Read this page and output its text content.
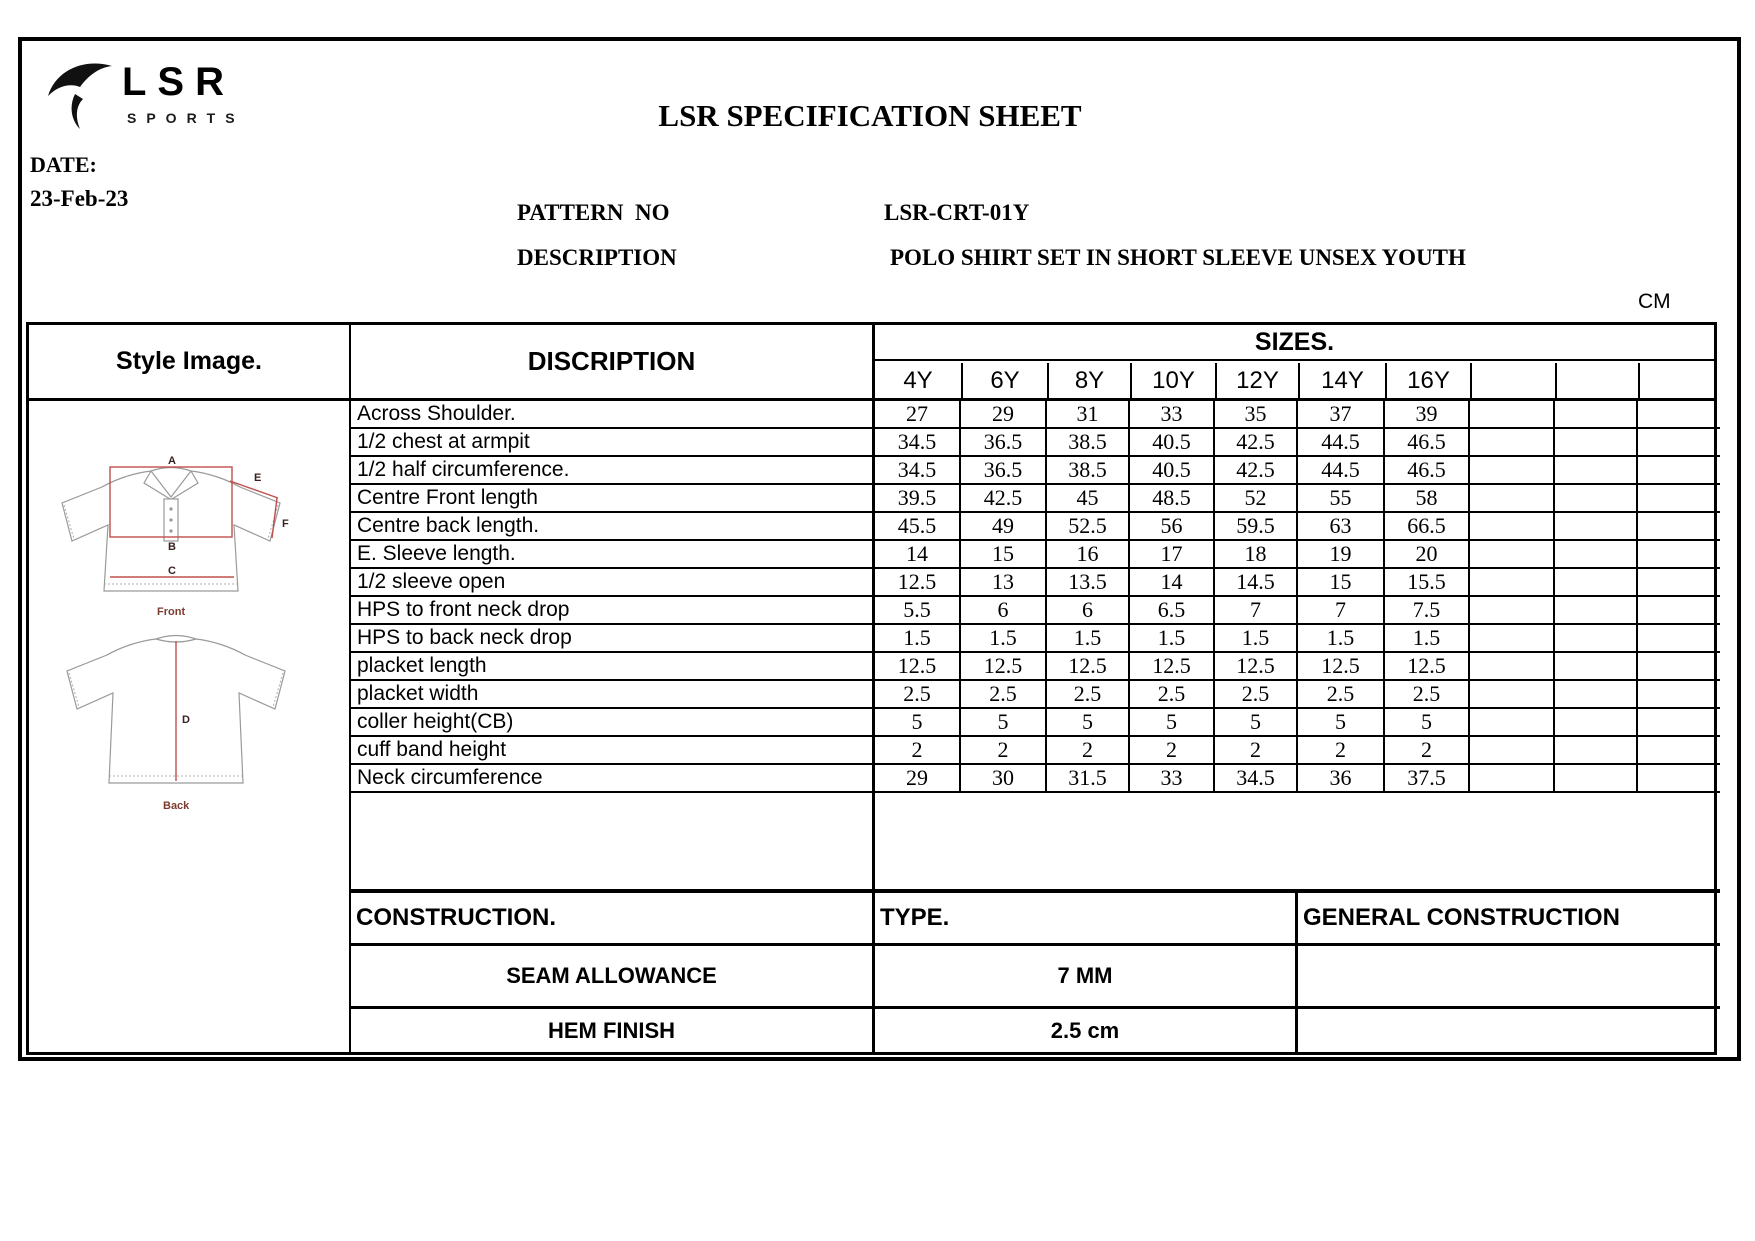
LSR
SPORTS	LSR SPECIFICATION SHEET
DATE:
23-Feb-23
PATTERN  NO	LSR-CRT-01Y
DESCRIPTION	POLO SHIRT SET IN SHORT SLEEVE UNSEX YOUTH
CM
Style Image.
A
E
F
B
C
Front
D
Back
DISCRIPTION
SIZES.
4Y	6Y	8Y	10Y	12Y	14Y	16Y
Across Shoulder.	27	29	31	33	35	37	39
1/2 chest at armpit	34.5	36.5	38.5	40.5	42.5	44.5	46.5
1/2 half circumference.	34.5	36.5	38.5	40.5	42.5	44.5	46.5
Centre Front length	39.5	42.5	45	48.5	52	55	58
Centre back length.	45.5	49	52.5	56	59.5	63	66.5
E. Sleeve length.	14	15	16	17	18	19	20
1/2 sleeve open	12.5	13	13.5	14	14.5	15	15.5
HPS to front neck drop	5.5	6	6	6.5	7	7	7.5
HPS to back neck drop	1.5	1.5	1.5	1.5	1.5	1.5	1.5
placket length	12.5	12.5	12.5	12.5	12.5	12.5	12.5
placket width	2.5	2.5	2.5	2.5	2.5	2.5	2.5
coller height(CB)	5	5	5	5	5	5	5
cuff band height	2	2	2	2	2	2	2
Neck circumference	29	30	31.5	33	34.5	36	37.5
CONSTRUCTION.	TYPE.	GENERAL CONSTRUCTION
SEAM ALLOWANCE	7 MM
HEM FINISH	2.5 cm
